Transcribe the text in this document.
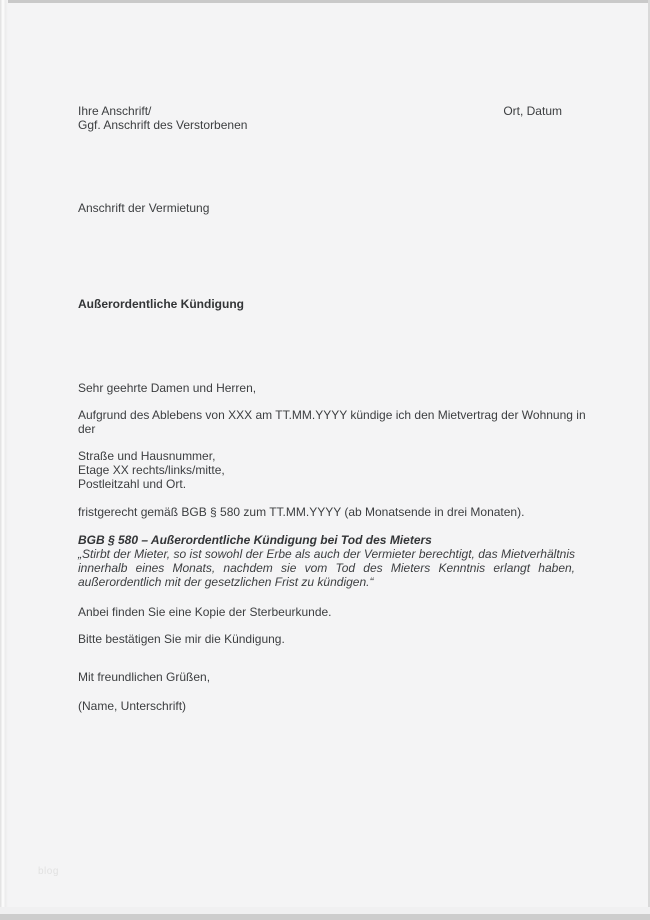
Ihre Anschrift/

Ggf. Anschrift des Verstorbenen

Ort, Datum

Anschrift der Vermietung

Außerordentliche Kündigung

Sehr geehrte Damen und Herren,

Aufgrund des Ablebens von XXX am TT.MM.YYYY kündige ich den Mietvertrag der Wohnung in der

Straße und Hausnummer,

Etage XX rechts/links/mitte,

Postleitzahl und Ort.

fristgerecht gemäß BGB § 580 zum TT.MM.YYYY (ab Monatsende in drei Monaten).

BGB § 580 – Außerordentliche Kündigung bei Tod des Mieters

„Stirbt der Mieter, so ist sowohl der Erbe als auch der Vermieter berechtigt, das Mietverhältnis innerhalb eines Monats, nachdem sie vom Tod des Mieters Kenntnis erlangt haben, außerordentlich mit der gesetzlichen Frist zu kündigen.“

Anbei finden Sie eine Kopie der Sterbeurkunde.

Bitte bestätigen Sie mir die Kündigung.

Mit freundlichen Grüßen,

(Name, Unterschrift)

blog
